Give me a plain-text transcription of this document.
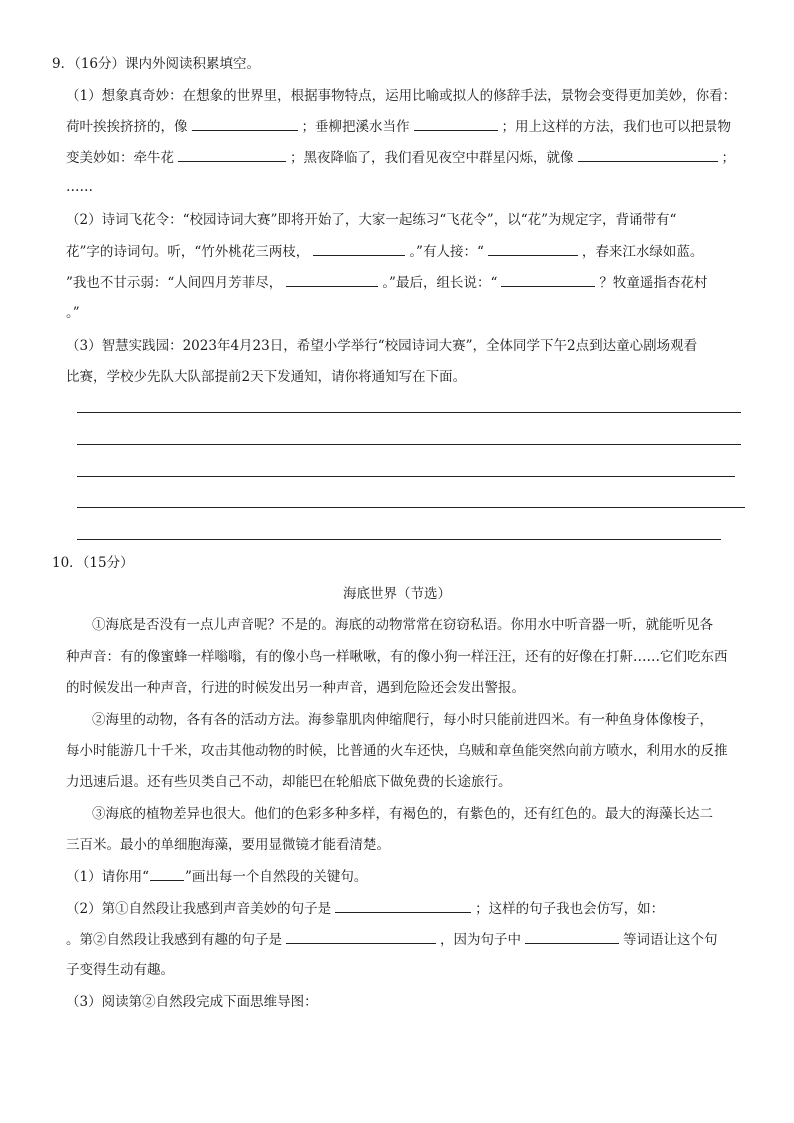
9．（16分）课内外阅读积累填空。
（1）想象真奇妙：在想象的世界里，根据事物特点，运用比喻或拟人的修辞手法，景物会变得更加美妙，你看：
荷叶挨挨挤挤的，像	；垂柳把溪水当作	；用上这样的方法，我们也可以把景物
变美妙如：牵牛花	；黑夜降临了，我们看见夜空中群星闪烁，就像	；
……
（2）诗词飞花令：“校园诗词大赛”即将开始了，大家一起练习“飞花令”，以“花”为规定字，背诵带有“
花”字的诗词句。听，“竹外桃花三两枝，	。”有人接：“	，春来江水绿如蓝。
”我也不甘示弱：“人间四月芳菲尽，	。”最后，组长说：“	？牧童遥指杏花村
。”
（3）智慧实践园：2023年4月23日，希望小学举行“校园诗词大赛”，全体同学下午2点到达童心剧场观看
比赛，学校少先队大队部提前2天下发通知，请你将通知写在下面。
10．（15分）
海底世界（节选）
①海底是否没有一点儿声音呢？不是的。海底的动物常常在窃窃私语。你用水中听音器一听，就能听见各
种声音：有的像蜜蜂一样嗡嗡，有的像小鸟一样啾啾，有的像小狗一样汪汪，还有的好像在打鼾……它们吃东西
的时候发出一种声音，行进的时候发出另一种声音，遇到危险还会发出警报。
②海里的动物，各有各的活动方法。海参靠肌肉伸缩爬行，每小时只能前进四米。有一种鱼身体像梭子，
每小时能游几十千米，攻击其他动物的时候，比普通的火车还快，乌贼和章鱼能突然向前方喷水，利用水的反推
力迅速后退。还有些贝类自己不动，却能巴在轮船底下做免费的长途旅行。
③海底的植物差异也很大。他们的色彩多种多样，有褐色的，有紫色的，还有红色的。最大的海藻长达二
三百米。最小的单细胞海藻，要用显微镜才能看清楚。
（1）请你用“	”画出每一个自然段的关键句。
（2）第①自然段让我感到声音美妙的句子是	；这样的句子我也会仿写，如：
。第②自然段让我感到有趣的句子是	，因为句子中	等词语让这个句
子变得生动有趣。
（3）阅读第②自然段完成下面思维导图：
